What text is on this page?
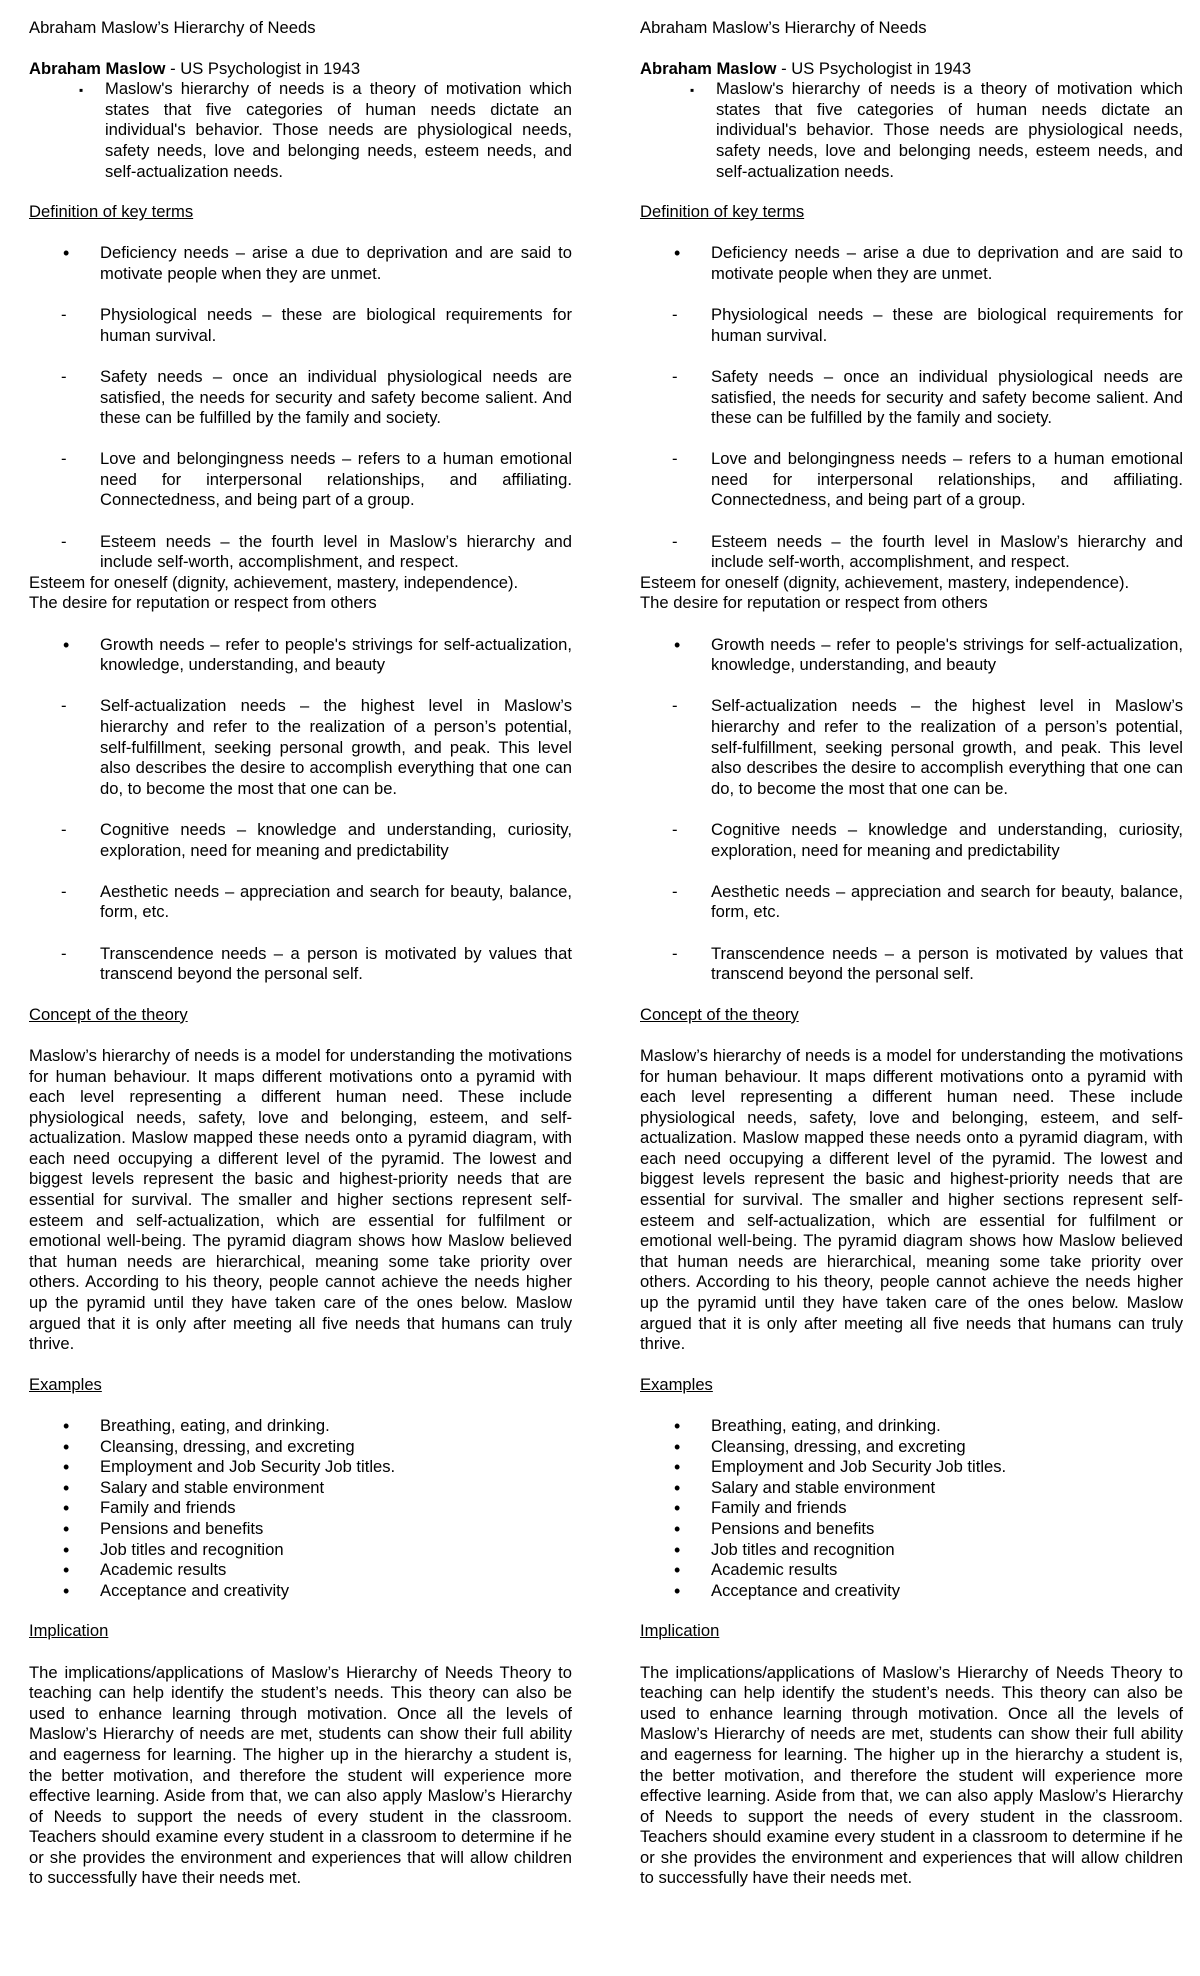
Abraham Maslow’s Hierarchy of Needs

Abraham Maslow - US Psychologist in 1943

▪ Maslow's hierarchy of needs is a theory of motivation which states that five categories of human needs dictate an individual's behavior. Those needs are physiological needs, safety needs, love and belonging needs, esteem needs, and self-actualization needs.

Definition of key terms

• Deficiency needs – arise a due to deprivation and are said to motivate people when they are unmet.

- Physiological needs – these are biological requirements for human survival.

- Safety needs – once an individual physiological needs are satisfied, the needs for security and safety become salient. And these can be fulfilled by the family and society.

- Love and belongingness needs – refers to a human emotional need for interpersonal relationships, and affiliating. Connectedness, and being part of a group.

- Esteem needs – the fourth level in Maslow’s hierarchy and include self-worth, accomplishment, and respect.

Esteem for oneself (dignity, achievement, mastery, independence).

The desire for reputation or respect from others

• Growth needs – refer to people's strivings for self-actualization, knowledge, understanding, and beauty

- Self-actualization needs – the highest level in Maslow’s hierarchy and refer to the realization of a person’s potential, self-fulfillment, seeking personal growth, and peak. This level also describes the desire to accomplish everything that one can do, to become the most that one can be.

- Cognitive needs – knowledge and understanding, curiosity, exploration, need for meaning and predictability

- Aesthetic needs – appreciation and search for beauty, balance, form, etc.

- Transcendence needs – a person is motivated by values that transcend beyond the personal self.

Concept of the theory

Maslow’s hierarchy of needs is a model for understanding the motivations for human behaviour. It maps different motivations onto a pyramid with each level representing a different human need. These include physiological needs, safety, love and belonging, esteem, and self-actualization. Maslow mapped these needs onto a pyramid diagram, with each need occupying a different level of the pyramid. The lowest and biggest levels represent the basic and highest-priority needs that are essential for survival. The smaller and higher sections represent self-esteem and self-actualization, which are essential for fulfilment or emotional well-being. The pyramid diagram shows how Maslow believed that human needs are hierarchical, meaning some take priority over others. According to his theory, people cannot achieve the needs higher up the pyramid until they have taken care of the ones below. Maslow argued that it is only after meeting all five needs that humans can truly thrive.

Examples

• Breathing, eating, and drinking.

• Cleansing, dressing, and excreting

• Employment and Job Security Job titles.

• Salary and stable environment

• Family and friends

• Pensions and benefits

• Job titles and recognition

• Academic results

• Acceptance and creativity

Implication

The implications/applications of Maslow’s Hierarchy of Needs Theory to teaching can help identify the student’s needs. This theory can also be used to enhance learning through motivation. Once all the levels of Maslow’s Hierarchy of needs are met, students can show their full ability and eagerness for learning. The higher up in the hierarchy a student is, the better motivation, and therefore the student will experience more effective learning. Aside from that, we can also apply Maslow’s Hierarchy of Needs to support the needs of every student in the classroom. Teachers should examine every student in a classroom to determine if he or she provides the environment and experiences that will allow children to successfully have their needs met.

Abraham Maslow’s Hierarchy of Needs

Abraham Maslow - US Psychologist in 1943

▪ Maslow's hierarchy of needs is a theory of motivation which states that five categories of human needs dictate an individual's behavior. Those needs are physiological needs, safety needs, love and belonging needs, esteem needs, and self-actualization needs.

Definition of key terms

• Deficiency needs – arise a due to deprivation and are said to motivate people when they are unmet.

- Physiological needs – these are biological requirements for human survival.

- Safety needs – once an individual physiological needs are satisfied, the needs for security and safety become salient. And these can be fulfilled by the family and society.

- Love and belongingness needs – refers to a human emotional need for interpersonal relationships, and affiliating. Connectedness, and being part of a group.

- Esteem needs – the fourth level in Maslow’s hierarchy and include self-worth, accomplishment, and respect.

Esteem for oneself (dignity, achievement, mastery, independence).

The desire for reputation or respect from others

• Growth needs – refer to people's strivings for self-actualization, knowledge, understanding, and beauty

- Self-actualization needs – the highest level in Maslow’s hierarchy and refer to the realization of a person’s potential, self-fulfillment, seeking personal growth, and peak. This level also describes the desire to accomplish everything that one can do, to become the most that one can be.

- Cognitive needs – knowledge and understanding, curiosity, exploration, need for meaning and predictability

- Aesthetic needs – appreciation and search for beauty, balance, form, etc.

- Transcendence needs – a person is motivated by values that transcend beyond the personal self.

Concept of the theory

Maslow’s hierarchy of needs is a model for understanding the motivations for human behaviour. It maps different motivations onto a pyramid with each level representing a different human need. These include physiological needs, safety, love and belonging, esteem, and self-actualization. Maslow mapped these needs onto a pyramid diagram, with each need occupying a different level of the pyramid. The lowest and biggest levels represent the basic and highest-priority needs that are essential for survival. The smaller and higher sections represent self-esteem and self-actualization, which are essential for fulfilment or emotional well-being. The pyramid diagram shows how Maslow believed that human needs are hierarchical, meaning some take priority over others. According to his theory, people cannot achieve the needs higher up the pyramid until they have taken care of the ones below. Maslow argued that it is only after meeting all five needs that humans can truly thrive.

Examples

• Breathing, eating, and drinking.

• Cleansing, dressing, and excreting

• Employment and Job Security Job titles.

• Salary and stable environment

• Family and friends

• Pensions and benefits

• Job titles and recognition

• Academic results

• Acceptance and creativity

Implication

The implications/applications of Maslow’s Hierarchy of Needs Theory to teaching can help identify the student’s needs. This theory can also be used to enhance learning through motivation. Once all the levels of Maslow’s Hierarchy of needs are met, students can show their full ability and eagerness for learning. The higher up in the hierarchy a student is, the better motivation, and therefore the student will experience more effective learning. Aside from that, we can also apply Maslow’s Hierarchy of Needs to support the needs of every student in the classroom. Teachers should examine every student in a classroom to determine if he or she provides the environment and experiences that will allow children to successfully have their needs met.
